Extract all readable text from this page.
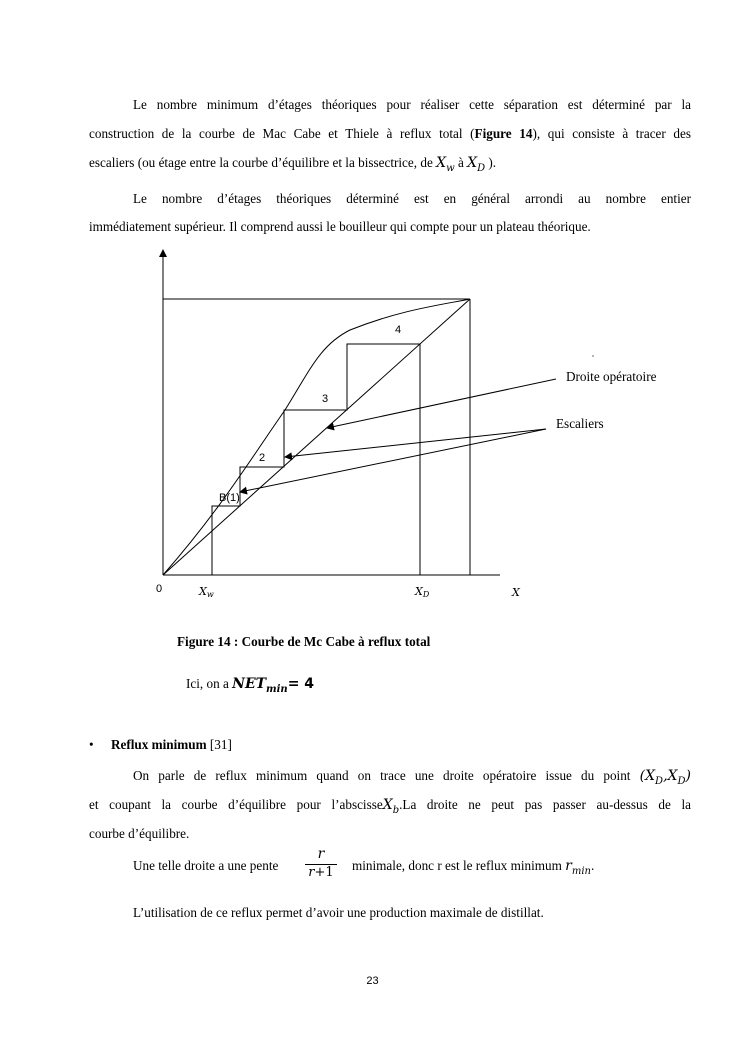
Le nombre minimum d’étages théoriques pour réaliser cette séparation est déterminé par la
construction de la courbe de Mac Cabe et Thiele à reflux total (Figure 14), qui consiste à tracer des
escaliers (ou étage entre la courbe d’équilibre et la bissectrice, de $X_w$ à $X_D$ ).
Le nombre d’étages théoriques déterminé est en général arrondi au nombre entier
immédiatement supérieur. Il comprend aussi le bouilleur qui compte pour un plateau théorique.
4
3
2
B(1)
0	Xw	XD	X
Droite opératoire
Escaliers
Figure 14 : Courbe de Mc Cabe à reflux total
Ici, on a $NET_{min}= 4$
• Reflux minimum [31]
On parle de reflux minimum quand on trace une droite opératoire issue du point $(X_D,X_D)$
et coupant la courbe d’équilibre pour l’abscisseX$_b$.La droite ne peut pas passer au-dessus de la
courbe d’équilibre.
Une telle droite a une pente
r
r+1	minimale, donc r est le reflux minimum $r_{min}$.
L’utilisation de ce reflux permet d’avoir une production maximale de distillat.
23
